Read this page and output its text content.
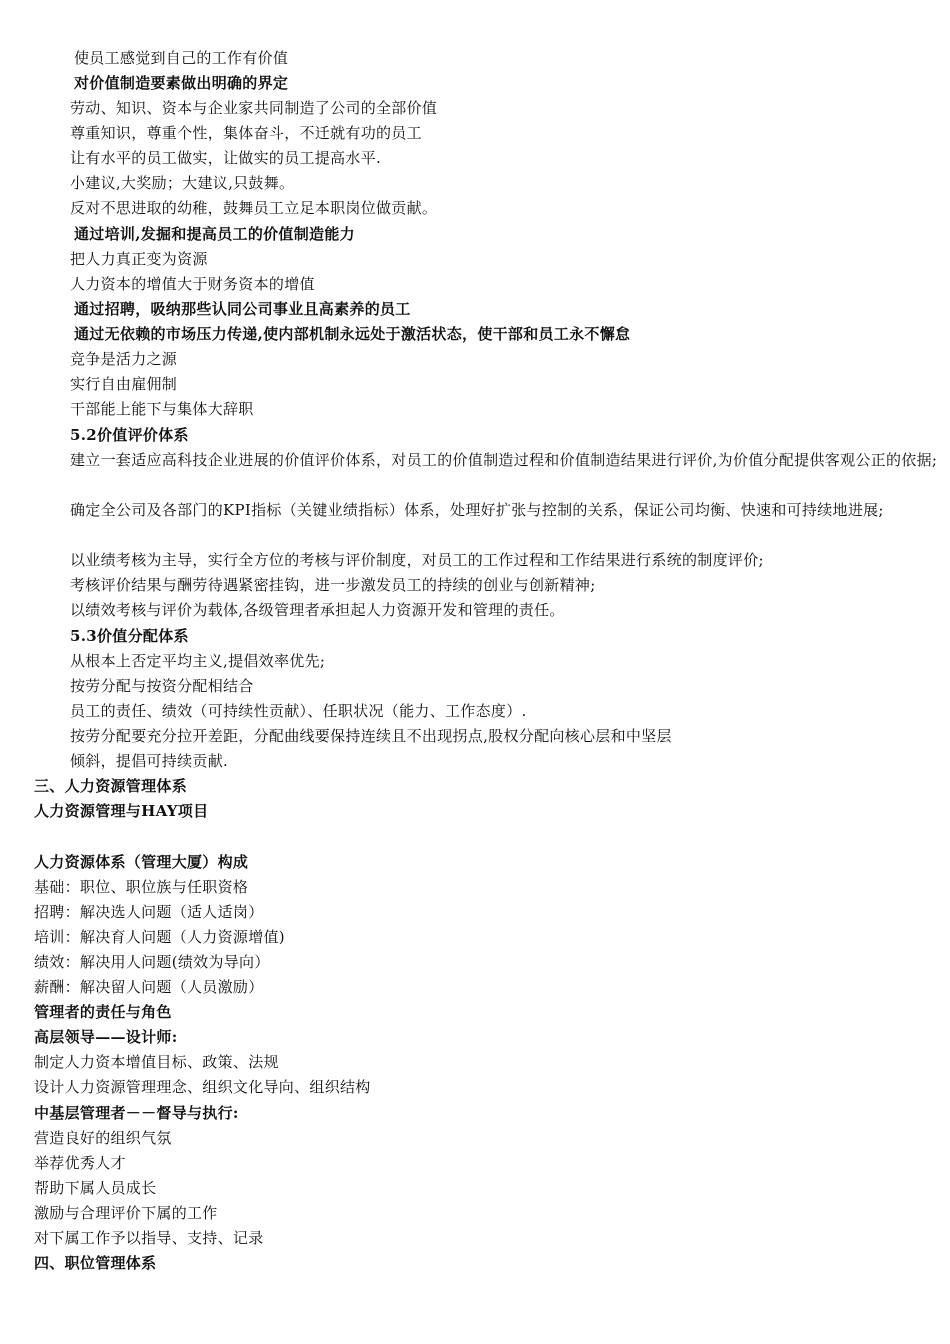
使员工感觉到自己的工作有价值
对价值制造要素做出明确的界定
劳动、知识、资本与企业家共同制造了公司的全部价值
尊重知识，尊重个性，集体奋斗，不迁就有功的员工
让有水平的员工做实，让做实的员工提高水平.
小建议,大奖励；大建议,只鼓舞。
反对不思进取的幼稚，鼓舞员工立足本职岗位做贡献。
通过培训,发掘和提高员工的价值制造能力
把人力真正变为资源
人力资本的增值大于财务资本的增值
通过招聘，吸纳那些认同公司事业且高素养的员工
通过无依赖的市场压力传递,使内部机制永远处于激活状态，使干部和员工永不懈怠
竞争是活力之源
实行自由雇佣制
干部能上能下与集体大辞职
5.2价值评价体系
建立一套适应高科技企业进展的价值评价体系，对员工的价值制造过程和价值制造结果进行评价,为价值分配提供客观公正的依据;
确定全公司及各部门的KPI指标（关键业绩指标）体系，处理好扩张与控制的关系，保证公司均衡、快速和可持续地进展;
以业绩考核为主导，实行全方位的考核与评价制度，对员工的工作过程和工作结果进行系统的制度评价;
考核评价结果与酬劳待遇紧密挂钩，进一步激发员工的持续的创业与创新精神;
以绩效考核与评价为载体,各级管理者承担起人力资源开发和管理的责任。
5.3价值分配体系
从根本上否定平均主义,提倡效率优先;
按劳分配与按资分配相结合
员工的责任、绩效（可持续性贡献）、任职状况（能力、工作态度）.
按劳分配要充分拉开差距，分配曲线要保持连续且不出现拐点,股权分配向核心层和中坚层
倾斜，提倡可持续贡献.
三、人力资源管理体系
人力资源管理与HAY项目
人力资源体系（管理大厦）构成
基础：职位、职位族与任职资格
招聘：解决选人问题（适人适岗）
培训：解决育人问题（人力资源增值)
绩效：解决用人问题(绩效为导向）
薪酬：解决留人问题（人员激励）
管理者的责任与角色
高层领导——设计师:
制定人力资本增值目标、政策、法规
设计人力资源管理理念、组织文化导向、组织结构
中基层管理者－－督导与执行:
营造良好的组织气氛
举荐优秀人才
帮助下属人员成长
激励与合理评价下属的工作
对下属工作予以指导、支持、记录
四、职位管理体系
